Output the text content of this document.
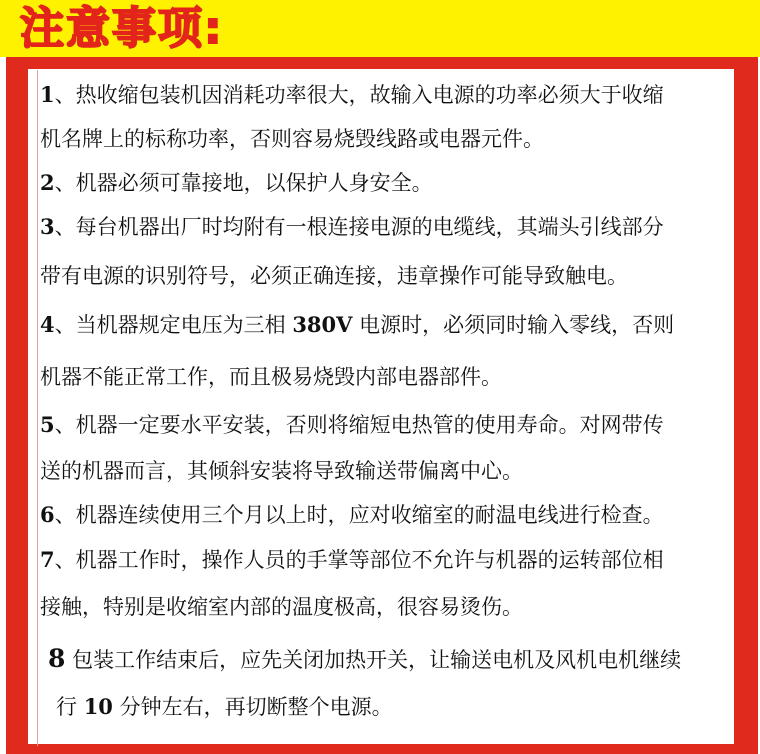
注意事项:
1、热收缩包装机因消耗功率很大，故输入电源的功率必须大于收缩
机名牌上的标称功率，否则容易烧毁线路或电器元件。
2、机器必须可靠接地，以保护人身安全。
3、每台机器出厂时均附有一根连接电源的电缆线，其端头引线部分
带有电源的识别符号，必须正确连接，违章操作可能导致触电。
4、当机器规定电压为三相 380V 电源时，必须同时输入零线，否则
机器不能正常工作，而且极易烧毁内部电器部件。
5、机器一定要水平安装，否则将缩短电热管的使用寿命。对网带传
送的机器而言，其倾斜安装将导致输送带偏离中心。
6、机器连续使用三个月以上时，应对收缩室的耐温电线进行检查。
7、机器工作时，操作人员的手掌等部位不允许与机器的运转部位相
接触，特别是收缩室内部的温度极高，很容易烫伤。
8 包装工作结束后，应先关闭加热开关，让输送电机及风机电机继续
行 10 分钟左右，再切断整个电源。
